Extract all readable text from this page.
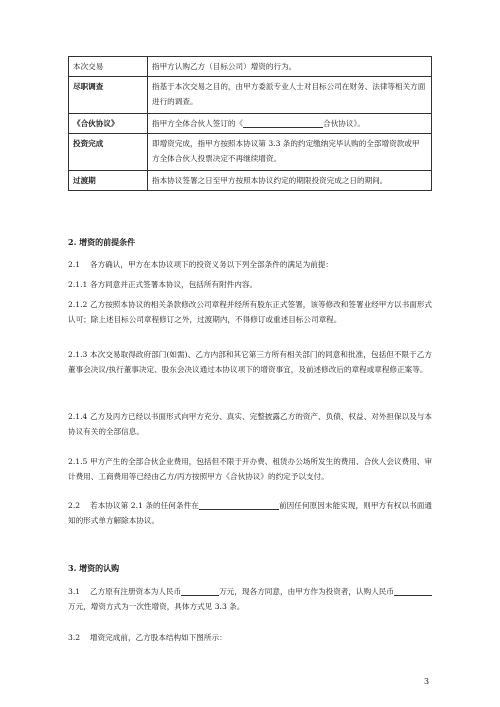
本次交易	指甲方认购乙方（目标公司）增资的行为。
尽职调查	指基于本次交易之目的，由甲方委派专业人士对目标公司在财务、法律等相关方面进行的调查。
《合伙协议》	指甲方全体合伙人签订的《 合伙协议》。
投资完成	即增资完成，指甲方按照本协议第 3.3 条的约定缴纳完毕认购的全部增资款或甲方全体合伙人投票决定不再继续增资。
过渡期	指本协议签署之日至甲方按照本协议约定的期限投资完成之日的期间。
2. 增资的前提条件
2.1 各方确认，甲方在本协议项下的投资义务以下列全部条件的满足为前提：
2.1.1 各方同意并正式签署本协议，包括所有附件内容。
2.1.2 乙方按照本协议的相关条款修改公司章程并经所有股东正式签署，该等修改和签署业经甲方以书面形式认可；除上述目标公司章程修订之外，过渡期内，不得修订或重述目标公司章程。
2.1.3 本次交易取得政府部门(如需)、乙方内部和其它第三方所有相关部门的同意和批准，包括但不限于乙方董事会决议/执行董事决定、股东会决议通过本协议项下的增资事宜，及前述修改后的章程或章程修正案等。
2.1.4 乙方及丙方已经以书面形式向甲方充分、真实、完整披露乙方的资产、负债、权益、对外担保以及与本协议有关的全部信息。
2.1.5 甲方产生的全部合伙企业费用，包括但不限于开办费、租赁办公场所发生的费用、合伙人会议费用、审计费用、工商费用等已经由乙方/丙方按照甲方《合伙协议》的约定予以支付。
2.2 若本协议第 2.1 条的任何条件在	前因任何原因未能实现，则甲方有权以书面通知的形式单方解除本协议。
3. 增资的认购
3.1 乙方原有注册资本为人民币	万元，现各方同意，由甲方作为投资者，认购人民币万元，增资方式为一次性增资，具体方式见 3.3 条。
3.2 增资完成前，乙方股本结构如下图所示：
3
